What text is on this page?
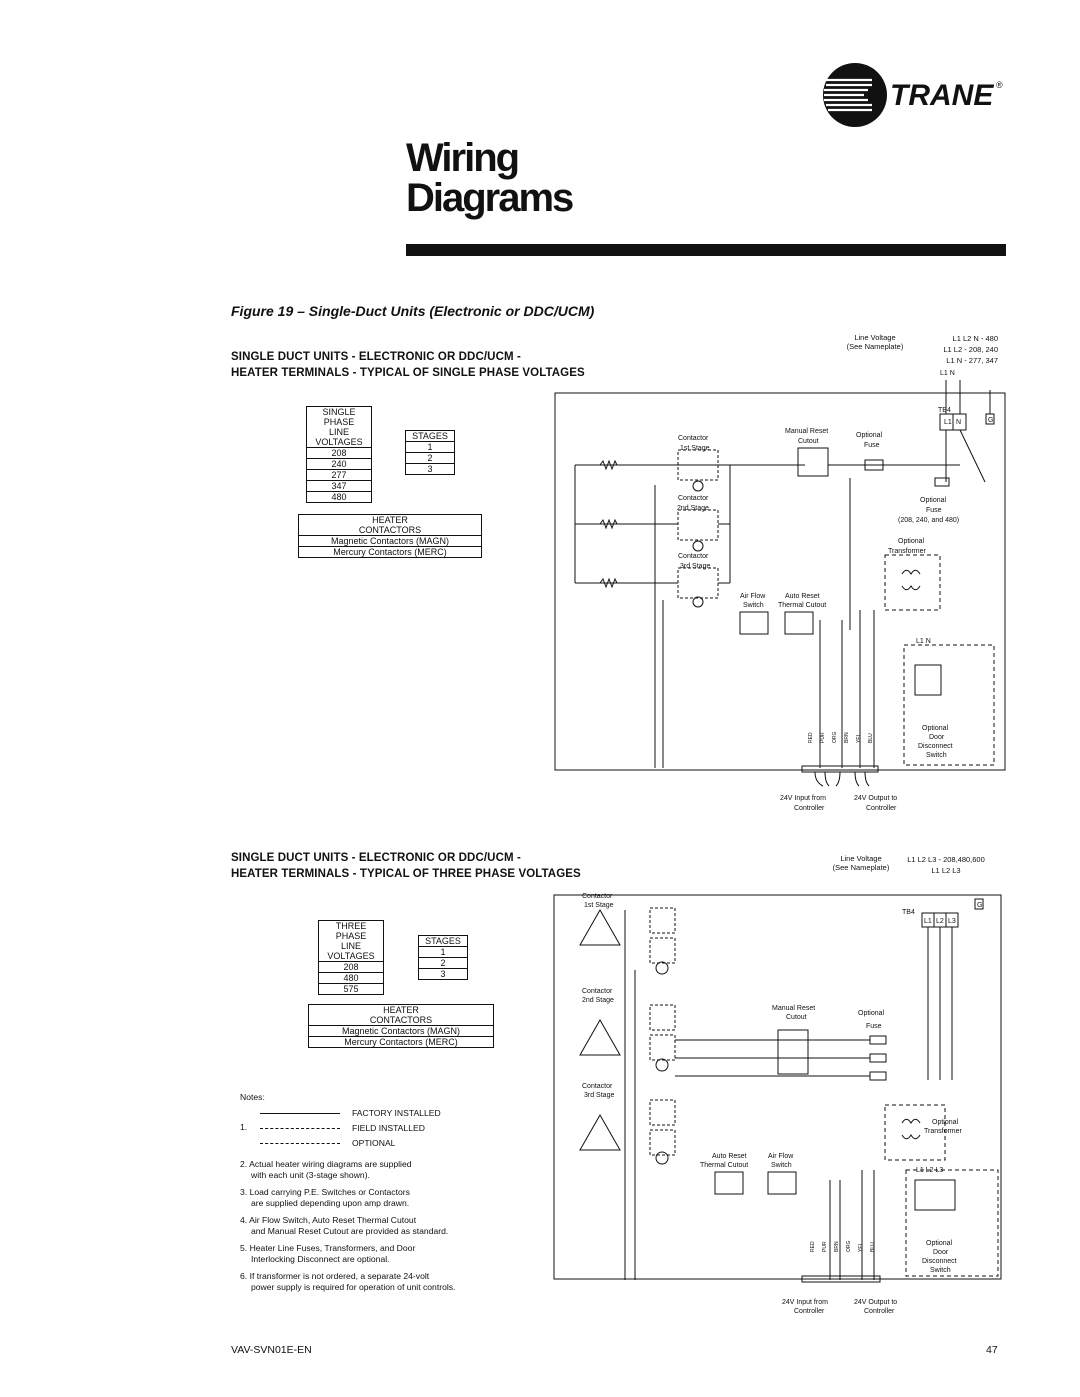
TRANE ®
Wiring
Diagrams
Figure 19 – Single-Duct Units (Electronic or DDC/UCM)
SINGLE DUCT UNITS - ELECTRONIC OR DDC/UCM -
HEATER TERMINALS - TYPICAL OF SINGLE PHASE VOLTAGES
SINGLE
PHASE
LINE
VOLTAGES
208
240
277
347
480
STAGES
1
2
3
HEATER
CONTACTORS
Magnetic Contactors (MAGN)
Mercury Contactors (MERC)
Line Voltage
(See Nameplate)
L1 L2 N - 480
L1 L2 - 208, 240
L1 N - 277, 347
TB4
L1 N	G
L1 N
Contactor
1st Stage
Contactor
2nd Stage
Contactor
3rd Stage
Manual Reset
Cutout
Optional
Fuse
Optional
Fuse
(208, 240, and 480)
Optional
Transformer
Air Flow
Switch
Auto Reset
Thermal Cutout
L1 N
Optional
Door
Disconnect
Switch
24V Input from
Controller
24V Output to
Controller
RED PUR ORG BRN YEL BLU
SINGLE DUCT UNITS - ELECTRONIC OR DDC/UCM -
HEATER TERMINALS - TYPICAL OF THREE PHASE VOLTAGES
Line Voltage
(See Nameplate)
L1 L2 L3 - 208,480,600
L1 L2 L3
THREE
PHASE
LINE
VOLTAGES
208
480
575
STAGES
1
2
3
HEATER
CONTACTORS
Magnetic Contactors (MAGN)
Mercury Contactors (MERC)
TB4
G
L1 L2 L3
Contactor
1st Stage
Contactor
2nd Stage
Contactor
3rd Stage
Manual Reset
Cutout
Optional
Fuse
Optional
Transformer
Auto Reset
Thermal Cutout
Air Flow
Switch
L1 L2 L3
Optional
Door
Disconnect
Switch
24V Input from
Controller
24V Output to
Controller
RED PUR BRN ORG YEL BLU
Notes:
FACTORY INSTALLED
1.	FIELD INSTALLED
OPTIONAL
2. Actual heater wiring diagrams are supplied
with each unit (3-stage shown).
3. Load carrying P.E. Switches or Contactors
are supplied depending upon amp drawn.
4. Air Flow Switch, Auto Reset Thermal Cutout
and Manual Reset Cutout are provided as standard.
5. Heater Line Fuses, Transformers, and Door
Interlocking Disconnect are optional.
6. If transformer is not ordered, a separate 24-volt
power supply is required for operation of unit controls.
VAV-SVN01E-EN	47
